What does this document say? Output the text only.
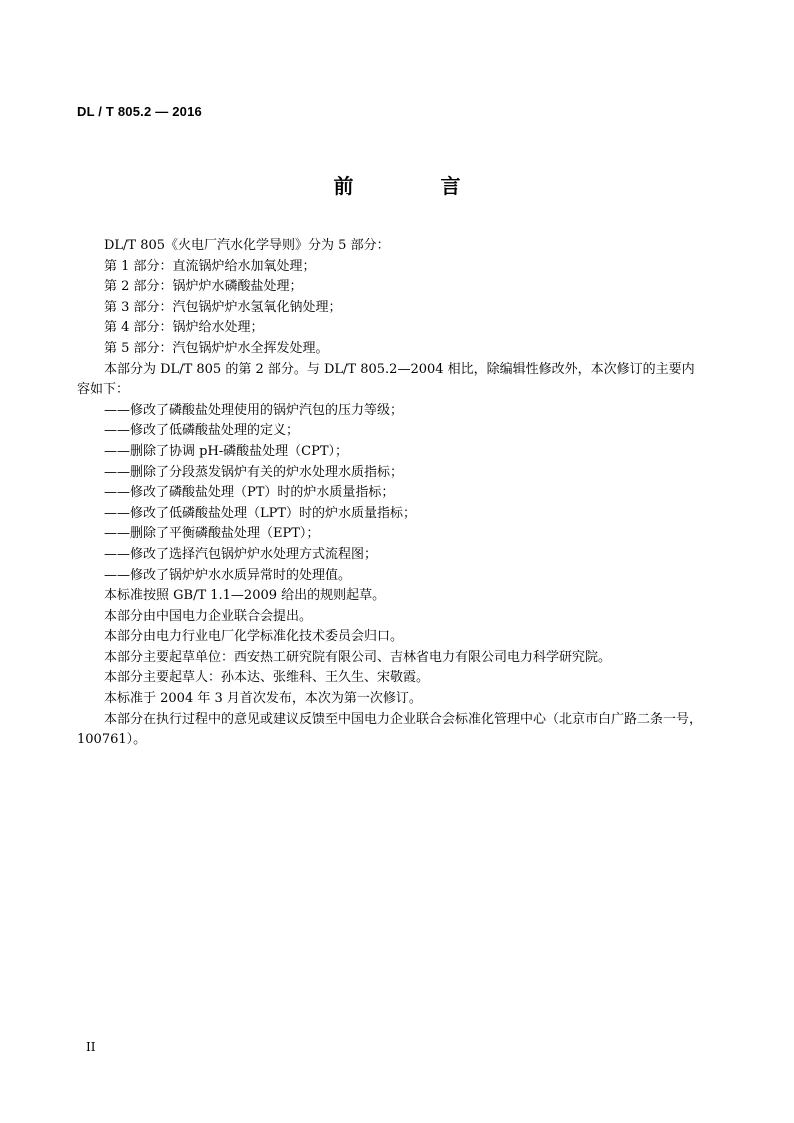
DL / T 805.2 — 2016
前 言

DL/T 805《火电厂汽水化学导则》分为 5 部分：

第 1 部分：直流锅炉给水加氧处理；

第 2 部分：锅炉炉水磷酸盐处理；

第 3 部分：汽包锅炉炉水氢氧化钠处理；

第 4 部分：锅炉给水处理；

第 5 部分：汽包锅炉炉水全挥发处理。

本部分为 DL/T 805 的第 2 部分。与 DL/T 805.2—2004 相比，除编辑性修改外，本次修订的主要内容如下：

——修改了磷酸盐处理使用的锅炉汽包的压力等级；

——修改了低磷酸盐处理的定义；

——删除了协调 pH-磷酸盐处理（CPT）；

——删除了分段蒸发锅炉有关的炉水处理水质指标；

——修改了磷酸盐处理（PT）时的炉水质量指标；

——修改了低磷酸盐处理（LPT）时的炉水质量指标；

——删除了平衡磷酸盐处理（EPT）；

——修改了选择汽包锅炉炉水处理方式流程图；

——修改了锅炉炉水水质异常时的处理值。

本标准按照 GB/T 1.1—2009 给出的规则起草。

本部分由中国电力企业联合会提出。

本部分由电力行业电厂化学标准化技术委员会归口。

本部分主要起草单位：西安热工研究院有限公司、吉林省电力有限公司电力科学研究院。

本部分主要起草人：孙本达、张维科、王久生、宋敬霞。

本标准于 2004 年 3 月首次发布，本次为第一次修订。

本部分在执行过程中的意见或建议反馈至中国电力企业联合会标准化管理中心（北京市白广路二条一号，100761）。

II
